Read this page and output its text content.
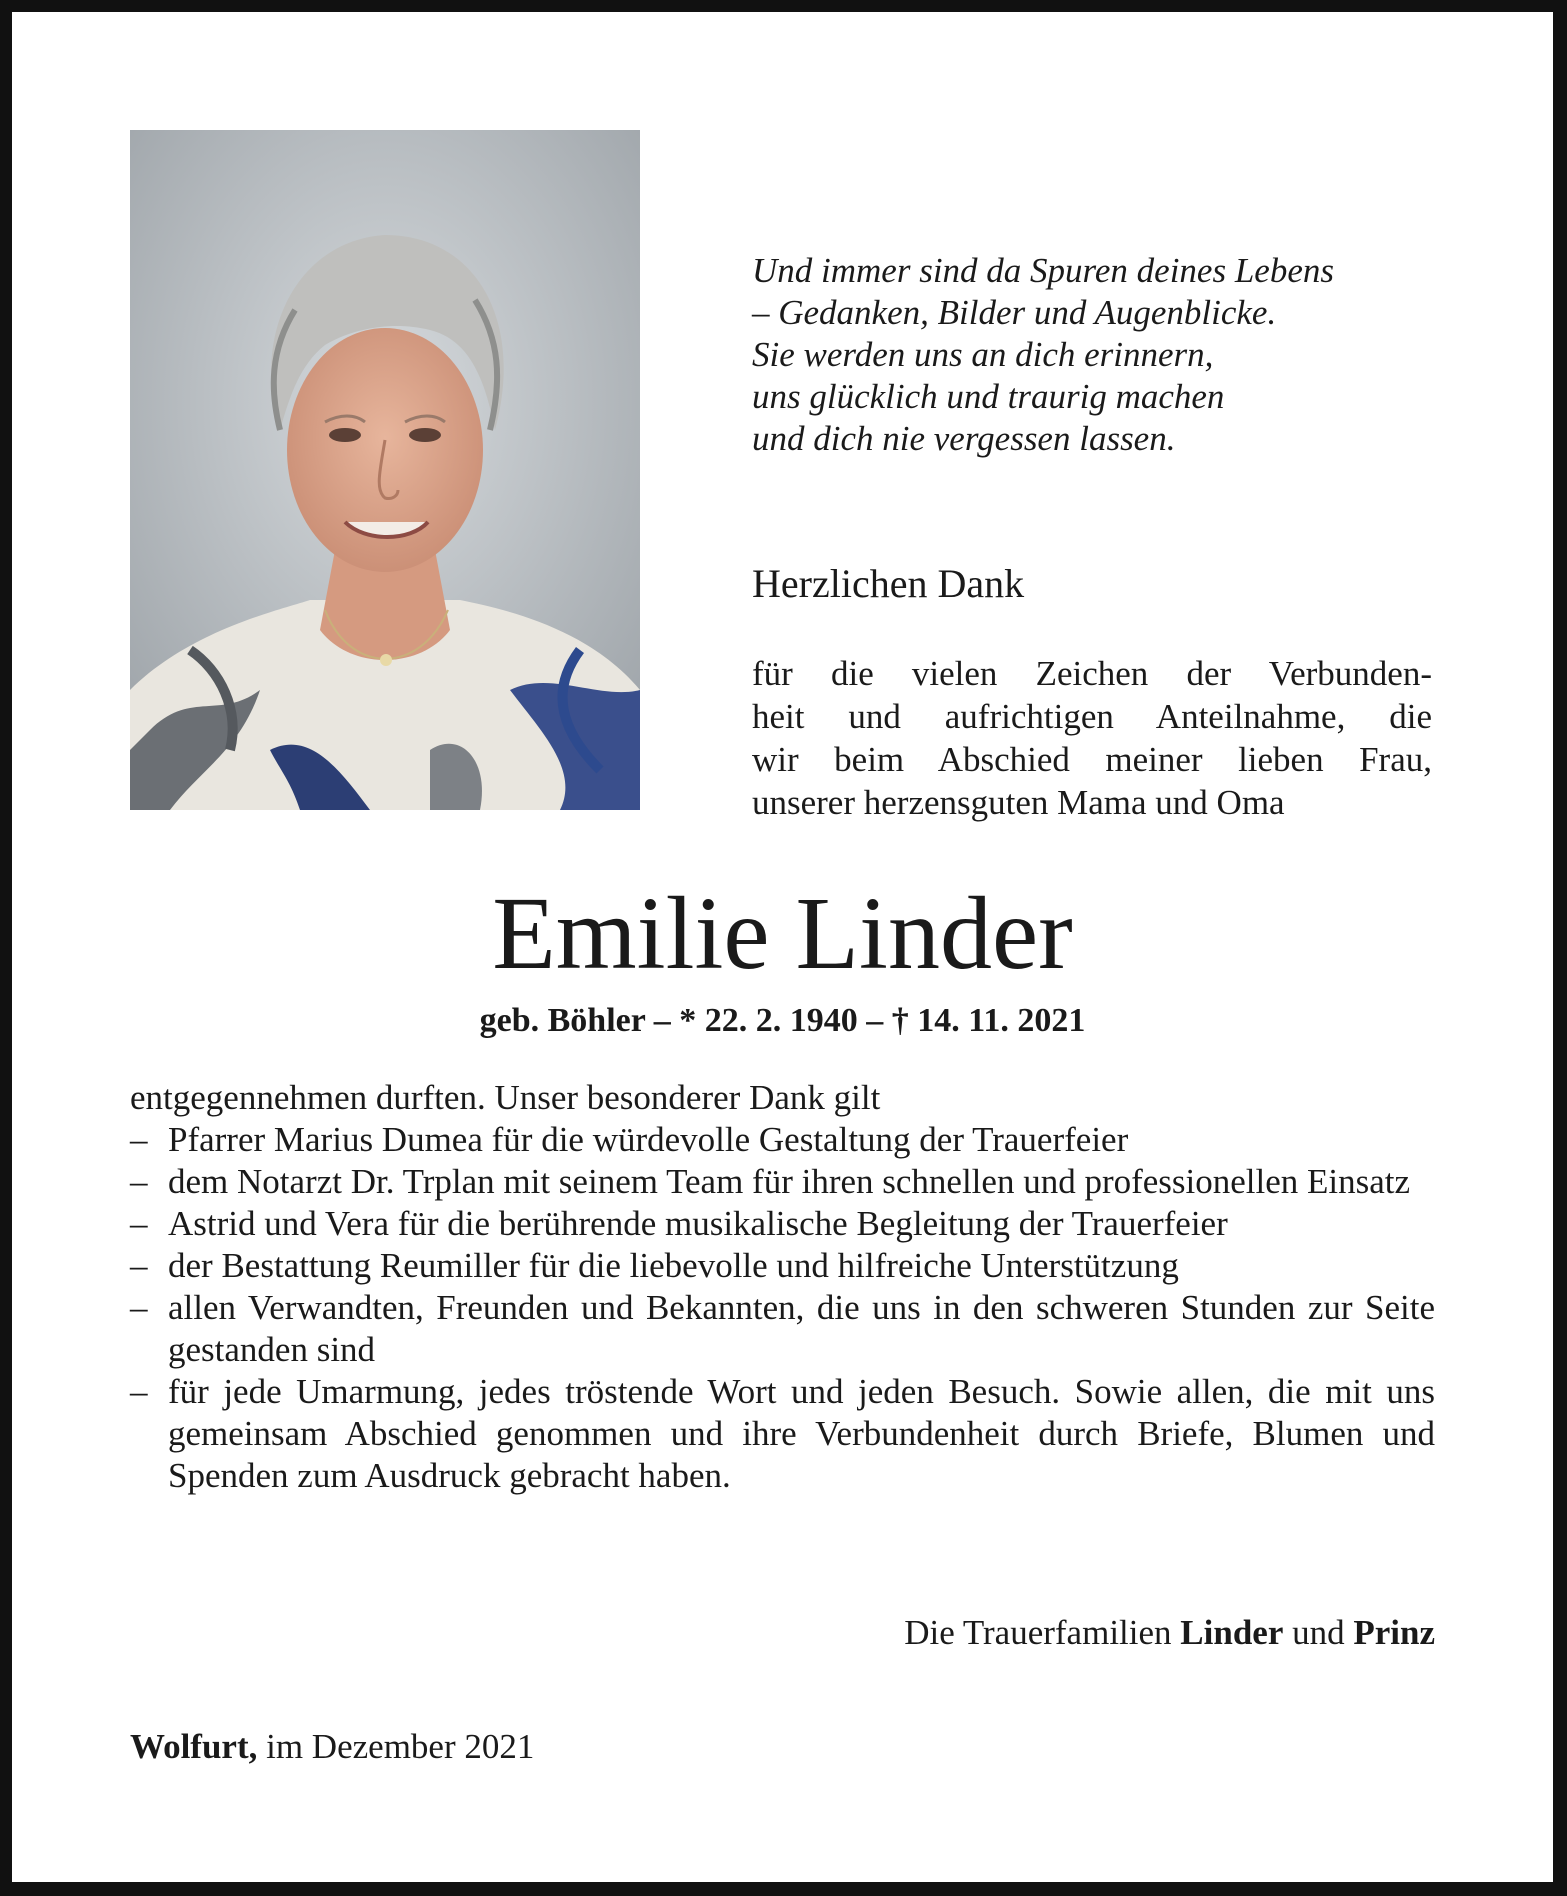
Und immer sind da Spuren deines Lebens
– Gedanken, Bilder und Augenblicke.
Sie werden uns an dich erinnern,
uns glücklich und traurig machen
und dich nie vergessen lassen.
Herzlichen Dank
für die vielen Zeichen der Verbunden-
heit und aufrichtigen Anteilnahme, die
wir beim Abschied meiner lieben Frau,
unserer herzensguten Mama und Oma
Emilie Linder
geb. Böhler – * 22. 2. 1940 – † 14. 11. 2021
entgegennehmen durften. Unser besonderer Dank gilt
– Pfarrer Marius Dumea für die würdevolle Gestaltung der Trauerfeier
– dem Notarzt Dr. Trplan mit seinem Team für ihren schnellen und professionellen Einsatz
– Astrid und Vera für die berührende musikalische Begleitung der Trauerfeier
– der Bestattung Reumiller für die liebevolle und hilfreiche Unterstützung
– allen Verwandten, Freunden und Bekannten, die uns in den schweren Stunden zur Seite gestanden sind
– für jede Umarmung, jedes tröstende Wort und jeden Besuch. Sowie allen, die mit uns gemeinsam Abschied genommen und ihre Verbundenheit durch Briefe, Blumen und Spenden zum Ausdruck gebracht haben.
Die Trauerfamilien Linder und Prinz
Wolfurt, im Dezember 2021
